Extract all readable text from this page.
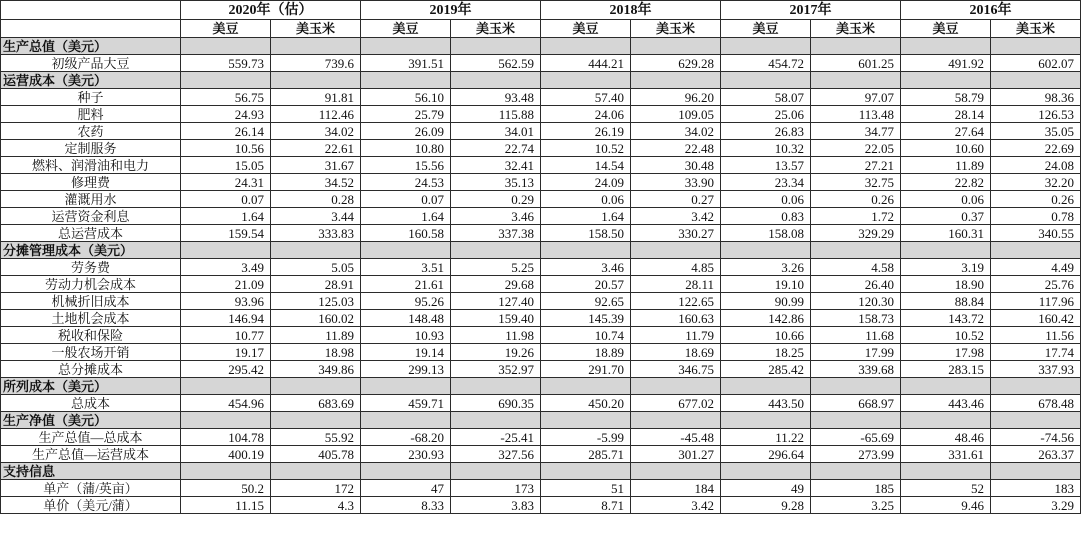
	2020年（估）		2019年		2018年		2017年		2016年	
	美豆	美玉米	美豆	美玉米	美豆	美玉米	美豆	美玉米	美豆	美玉米
生产总值（美元）										
初级产品大豆	559.73	739.6	391.51	562.59	444.21	629.28	454.72	601.25	491.92	602.07
运营成本（美元）										
种子	56.75	91.81	56.10	93.48	57.40	96.20	58.07	97.07	58.79	98.36
肥料	24.93	112.46	25.79	115.88	24.06	109.05	25.06	113.48	28.14	126.53
农药	26.14	34.02	26.09	34.01	26.19	34.02	26.83	34.77	27.64	35.05
定制服务	10.56	22.61	10.80	22.74	10.52	22.48	10.32	22.05	10.60	22.69
燃料、润滑油和电力	15.05	31.67	15.56	32.41	14.54	30.48	13.57	27.21	11.89	24.08
修理费	24.31	34.52	24.53	35.13	24.09	33.90	23.34	32.75	22.82	32.20
灌溉用水	0.07	0.28	0.07	0.29	0.06	0.27	0.06	0.26	0.06	0.26
运营资金利息	1.64	3.44	1.64	3.46	1.64	3.42	0.83	1.72	0.37	0.78
总运营成本	159.54	333.83	160.58	337.38	158.50	330.27	158.08	329.29	160.31	340.55
分摊管理成本（美元）										
劳务费	3.49	5.05	3.51	5.25	3.46	4.85	3.26	4.58	3.19	4.49
劳动力机会成本	21.09	28.91	21.61	29.68	20.57	28.11	19.10	26.40	18.90	25.76
机械折旧成本	93.96	125.03	95.26	127.40	92.65	122.65	90.99	120.30	88.84	117.96
土地机会成本	146.94	160.02	148.48	159.40	145.39	160.63	142.86	158.73	143.72	160.42
税收和保险	10.77	11.89	10.93	11.98	10.74	11.79	10.66	11.68	10.52	11.56
一般农场开销	19.17	18.98	19.14	19.26	18.89	18.69	18.25	17.99	17.98	17.74
总分摊成本	295.42	349.86	299.13	352.97	291.70	346.75	285.42	339.68	283.15	337.93
所列成本（美元）										
总成本	454.96	683.69	459.71	690.35	450.20	677.02	443.50	668.97	443.46	678.48
生产净值（美元）										
生产总值—总成本	104.78	55.92	-68.20	-25.41	-5.99	-45.48	11.22	-65.69	48.46	-74.56
生产总值—运营成本	400.19	405.78	230.93	327.56	285.71	301.27	296.64	273.99	331.61	263.37
支持信息										
单产（蒲/英亩）	50.2	172	47	173	51	184	49	185	52	183
单价（美元/蒲）	11.15	4.3	8.33	3.83	8.71	3.42	9.28	3.25	9.46	3.29
